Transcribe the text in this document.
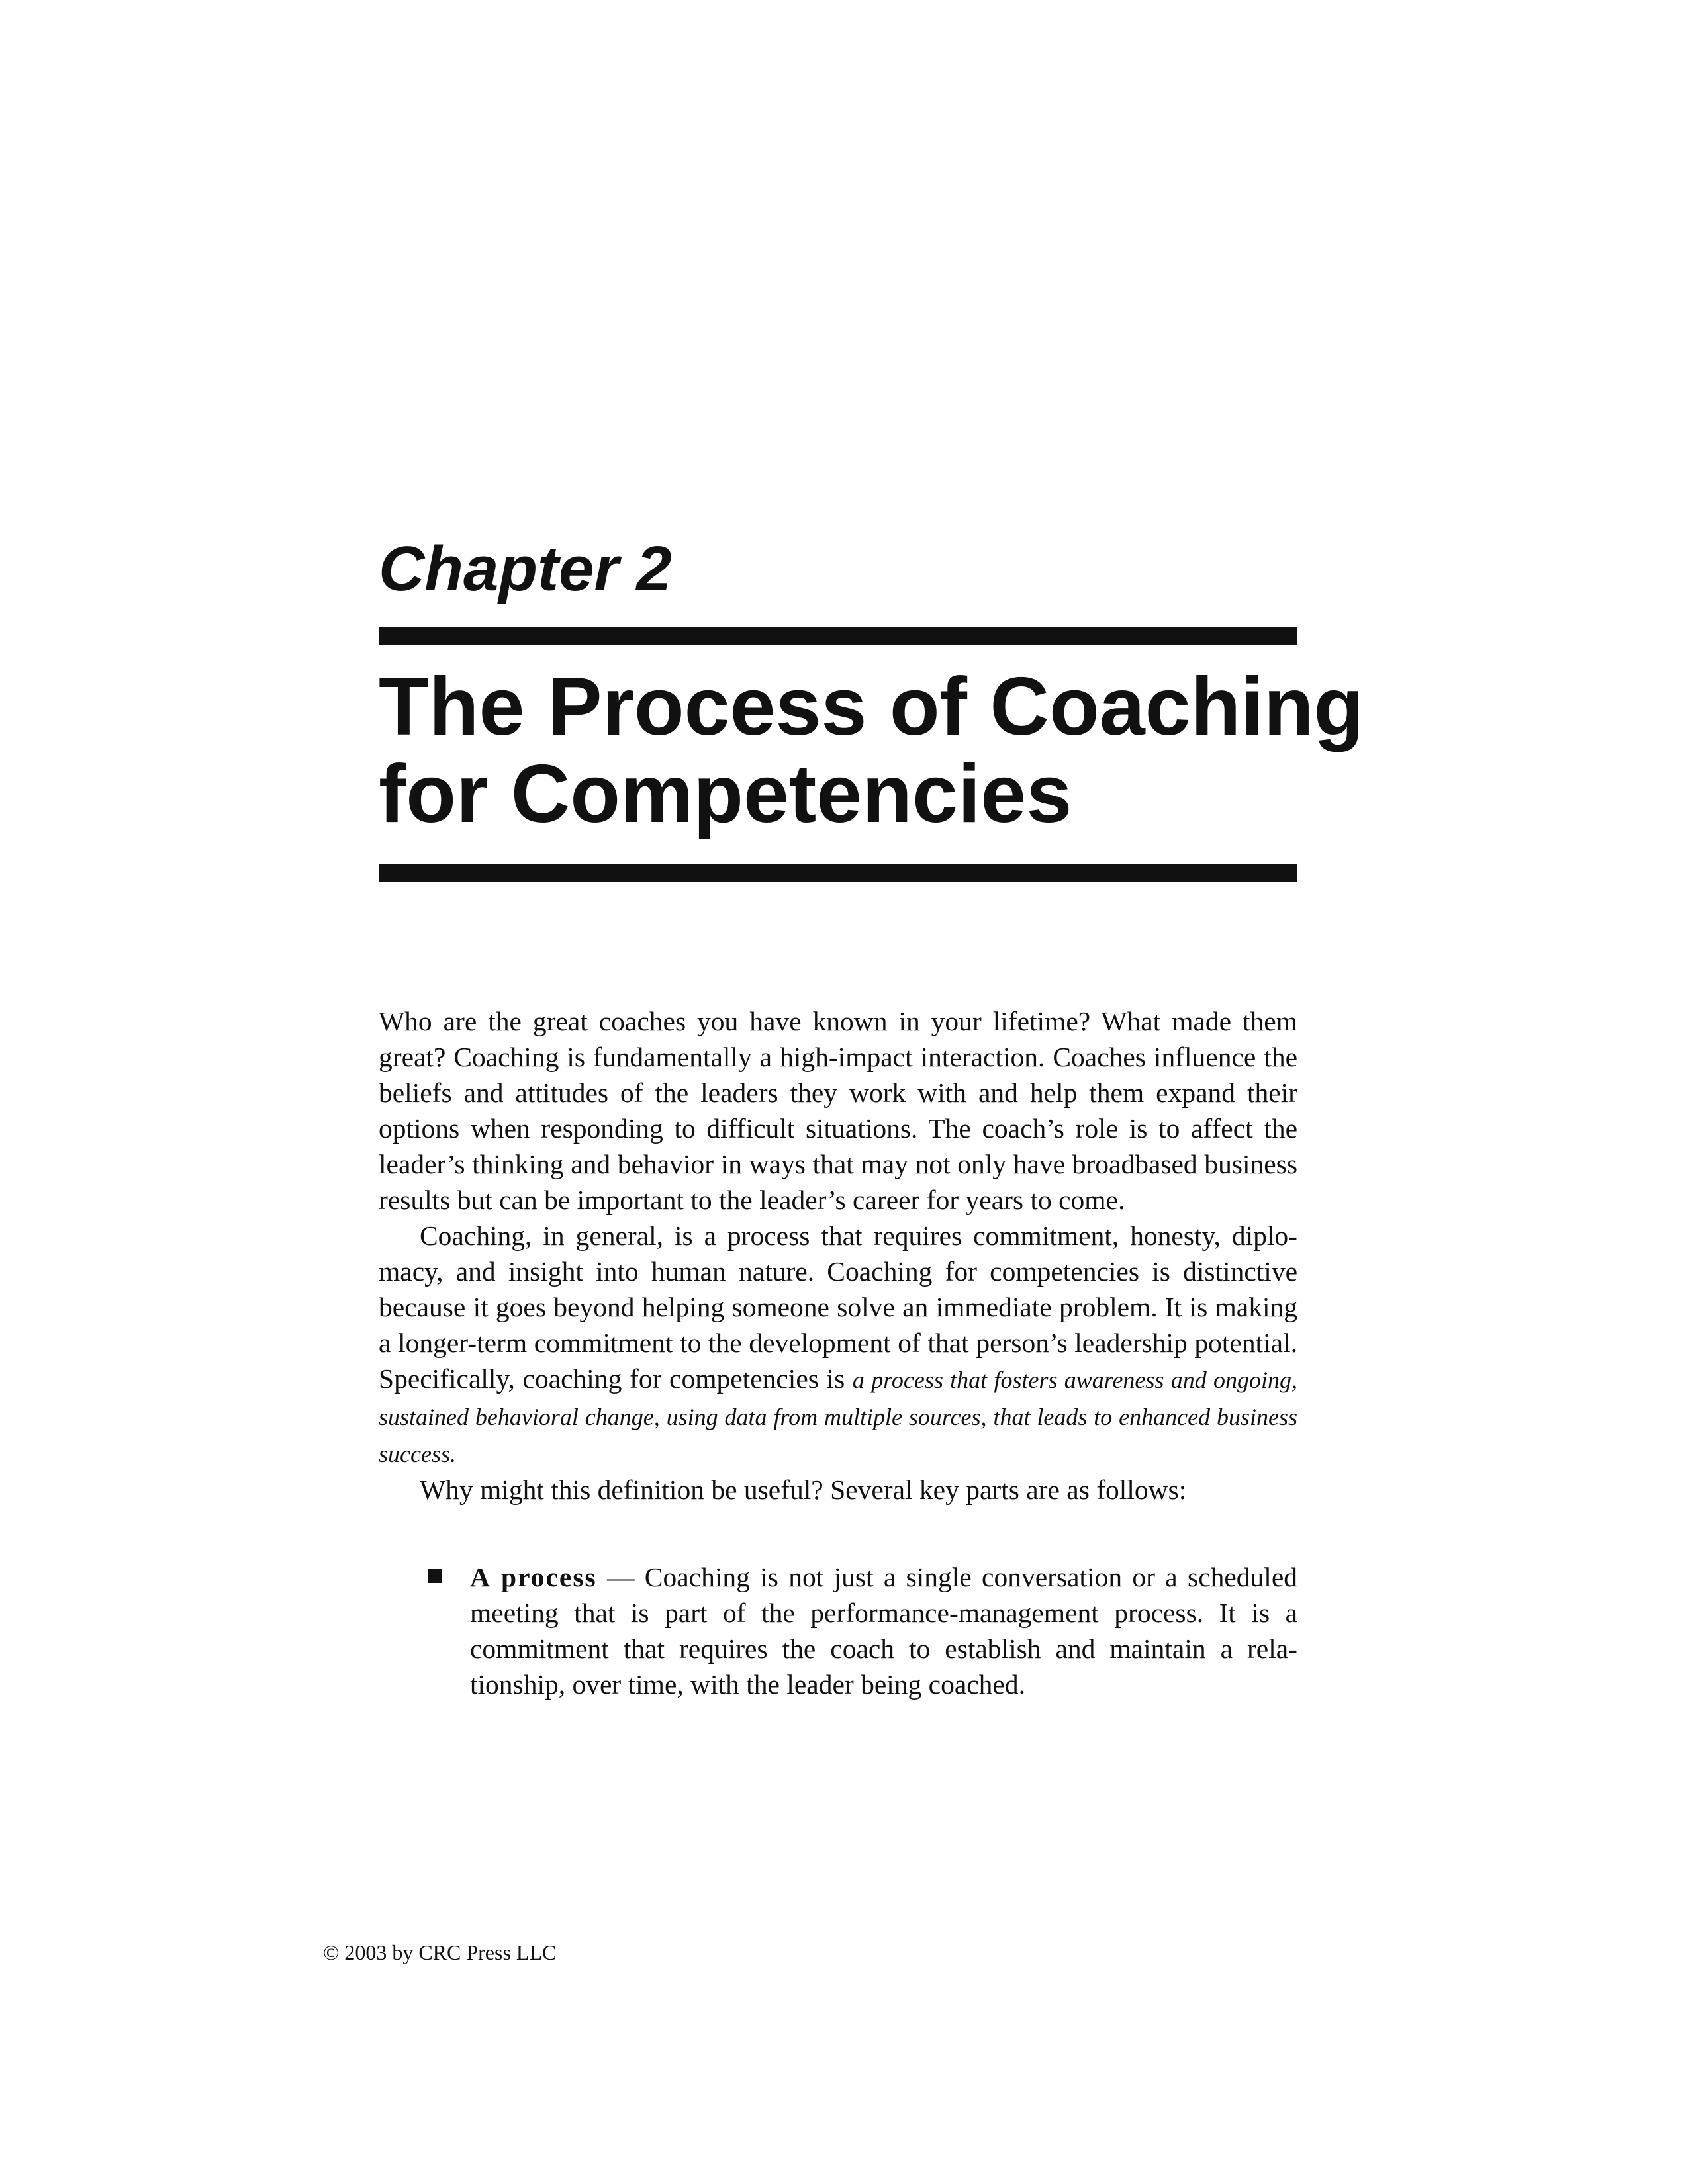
Chapter 2
The Process of Coaching
for Competencies

Who are the great coaches you have known in your lifetime? What made them great? Coaching is fundamentally a high-impact interaction. Coaches influence the beliefs and attitudes of the leaders they work with and help them expand their options when responding to difficult situations. The coach’s role is to affect the leader’s thinking and behavior in ways that may not only have broadbased business results but can be important to the leader’s career for years to come.

Coaching, in general, is a process that requires commitment, honesty, diplomacy, and insight into human nature. Coaching for competencies is distinctive because it goes beyond helping someone solve an immediate problem. It is making a longer-term commitment to the development of that person’s leadership potential. Specifically, coaching for competencies is a process that fosters awareness and ongoing, sustained behavioral change, using data from multiple sources, that leads to enhanced business success.

Why might this definition be useful? Several key parts are as follows:

A process — Coaching is not just a single conversation or a scheduled meeting that is part of the performance-management process. It is a commitment that requires the coach to establish and maintain a relationship, over time, with the leader being coached.

© 2003 by CRC Press LLC
